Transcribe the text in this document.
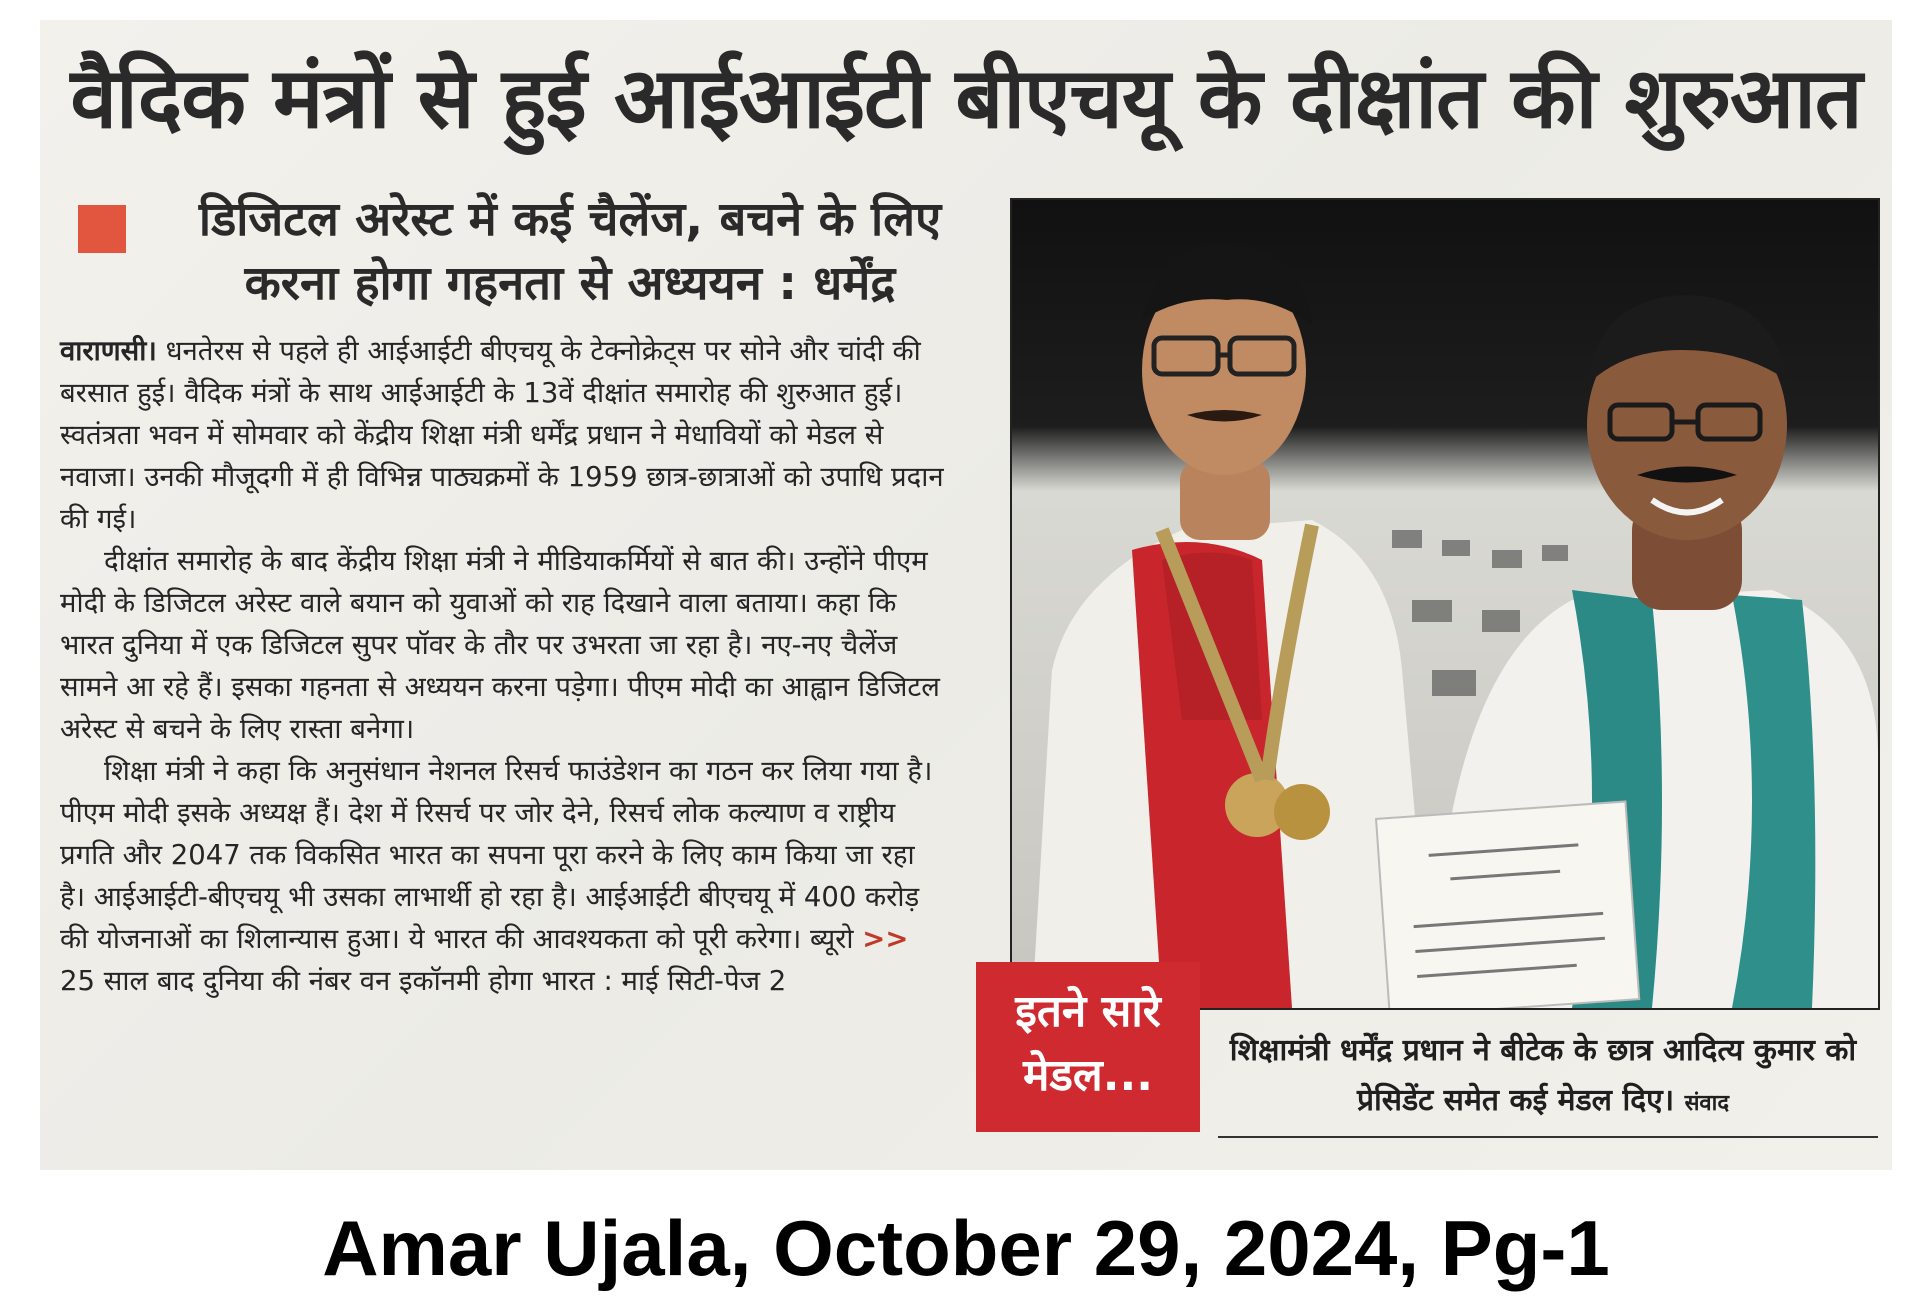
वैदिक मंत्रों से हुई आईआईटी बीएचयू के दीक्षांत की शुरुआत
डिजिटल अरेस्ट में कई चैलेंज, बचने के लिए
करना होगा गहनता से अध्ययन : धर्मेंद्र

वाराणसी। धनतेरस से पहले ही आईआईटी बीएचयू के टेक्नोक्रेट्स पर सोने और चांदी की बरसात हुई। वैदिक मंत्रों के साथ आईआईटी के 13वें दीक्षांत समारोह की शुरुआत हुई। स्वतंत्रता भवन में सोमवार को केंद्रीय शिक्षा मंत्री धर्मेंद्र प्रधान ने मेधावियों को मेडल से नवाजा। उनकी मौजूदगी में ही विभिन्न पाठ्यक्रमों के 1959 छात्र-छात्राओं को उपाधि प्रदान की गई।

दीक्षांत समारोह के बाद केंद्रीय शिक्षा मंत्री ने मीडियाकर्मियों से बात की। उन्होंने पीएम मोदी के डिजिटल अरेस्ट वाले बयान को युवाओं को राह दिखाने वाला बताया। कहा कि भारत दुनिया में एक डिजिटल सुपर पॉवर के तौर पर उभरता जा रहा है। नए-नए चैलेंज सामने आ रहे हैं। इसका गहनता से अध्ययन करना पड़ेगा। पीएम मोदी का आह्वान डिजिटल अरेस्ट से बचने के लिए रास्ता बनेगा।

शिक्षा मंत्री ने कहा कि अनुसंधान नेशनल रिसर्च फाउंडेशन का गठन कर लिया गया है। पीएम मोदी इसके अध्यक्ष हैं। देश में रिसर्च पर जोर देने, रिसर्च लोक कल्याण व राष्ट्रीय प्रगति और 2047 तक विकसित भारत का सपना पूरा करने के लिए काम किया जा रहा है। आईआईटी-बीएचयू भी उसका लाभार्थी हो रहा है। आईआईटी बीएचयू में 400 करोड़ की योजनाओं का शिलान्यास हुआ। ये भारत की आवश्यकता को पूरी करेगा। ब्यूरो >> 25 साल बाद दुनिया की नंबर वन इकॉनमी होगा भारत : माई सिटी-पेज 2

इतने सारे
मेडल...	शिक्षामंत्री धर्मेंद्र प्रधान ने बीटेक के छात्र आदित्य कुमार को प्रेसिडेंट समेत कई मेडल दिए। संवाद
Amar Ujala, October 29, 2024, Pg-1
